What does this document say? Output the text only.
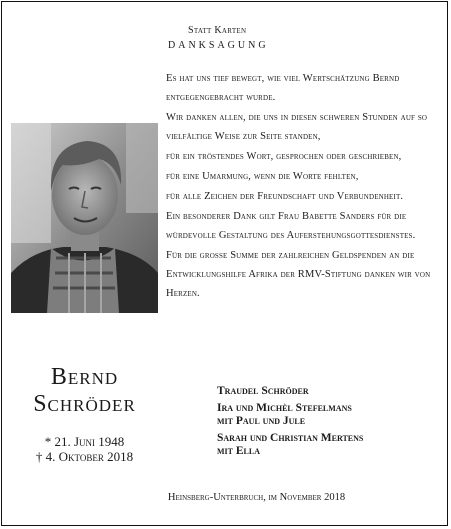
Statt Karten
DANKSAGUNG

Es hat uns tief bewegt, wie viel Wertschätzung Bernd entgegengebracht wurde.

Wir danken allen, die uns in diesen schweren Stunden auf so vielfältige Weise zur Seite standen,

für ein tröstendes Wort, gesprochen oder geschrieben,

für eine Umarmung, wenn die Worte fehlten,

für alle Zeichen der Freundschaft und Verbundenheit.

Ein besonderer Dank gilt Frau Babette Sanders für die würdevolle Gestaltung des Auferstehungsgottesdienstes.

Für die grosse Summe der zahlreichen Geldspenden an die Entwicklungshilfe Afrika der RMV-Stiftung danken wir von Herzen.

Bernd
Schröder
* 21. Juni 1948
† 4. Oktober 2018
Traudel Schröder
Ira und Michèl Stefelmans
mit Paul und Jule
Sarah und Christian Mertens
mit Ella
Heinsberg-Unterbruch, im November 2018
